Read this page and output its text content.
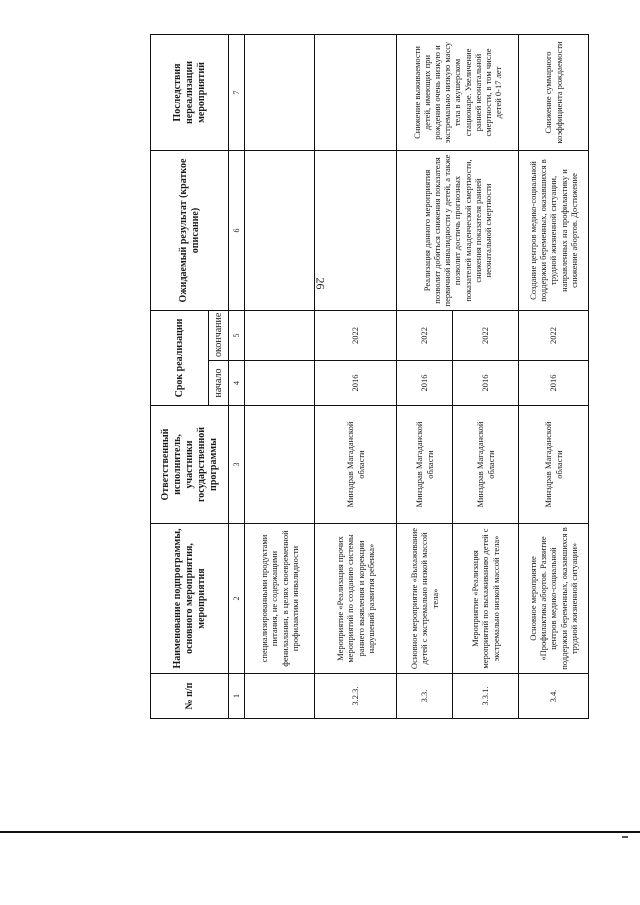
26
№ п/п	Наименование подпрограммы, основного мероприятия, мероприятия	Ответственный исполнитель, участники государственной программы	Срок реализации		Ожидаемый результат (краткое описание)	Последствия нереализации мероприятий
			начало	окончание		
1	2	3	4	5	6	7
	специализированными продуктами питания, не содержащими фенилаланин, в целях своевременной профилактики инвалидности					
3.2.3.	Мероприятие «Реализация прочих мероприятий по созданию системы раннего выявления и коррекции нарушений развития ребенка»	Минздрав Магаданской области	2016	2022		
3.3.	Основное мероприятие «Выхаживание детей с экстремально низкой массой тела»	Минздрав Магаданской области	2016	2022	Реализация данного мероприятия позволит добиться снижения показателя первичной инвалидности у детей, а также позволит достичь прогнозных показателей младенческой смертности, снижения показателя ранней неонатальной смертности	Снижение выживаемости детей, имеющих при рождении очень низкую и экстремально низкую массу тела в акушерском стационаре. Увеличение ранней неонатальной смертности, в том числе детей 0-17 лет
3.3.1.	Мероприятие «Реализация мероприятий по выхаживанию детей с экстремально низкой массой тела»	Минздрав Магаданской области	2016	2022		
3.4.	Основное мероприятие «Профилактика абортов. Развитие центров медико-социальной поддержки беременных, оказавшихся в трудной жизненной ситуации»	Минздрав Магаданской области	2016	2022	Создание центров медико-социальной поддержки беременных, оказавшихся в трудной жизненной ситуации, направленных на профилактику и снижение абортов. Достижение	Снижение суммарного коэффициента рождаемости
